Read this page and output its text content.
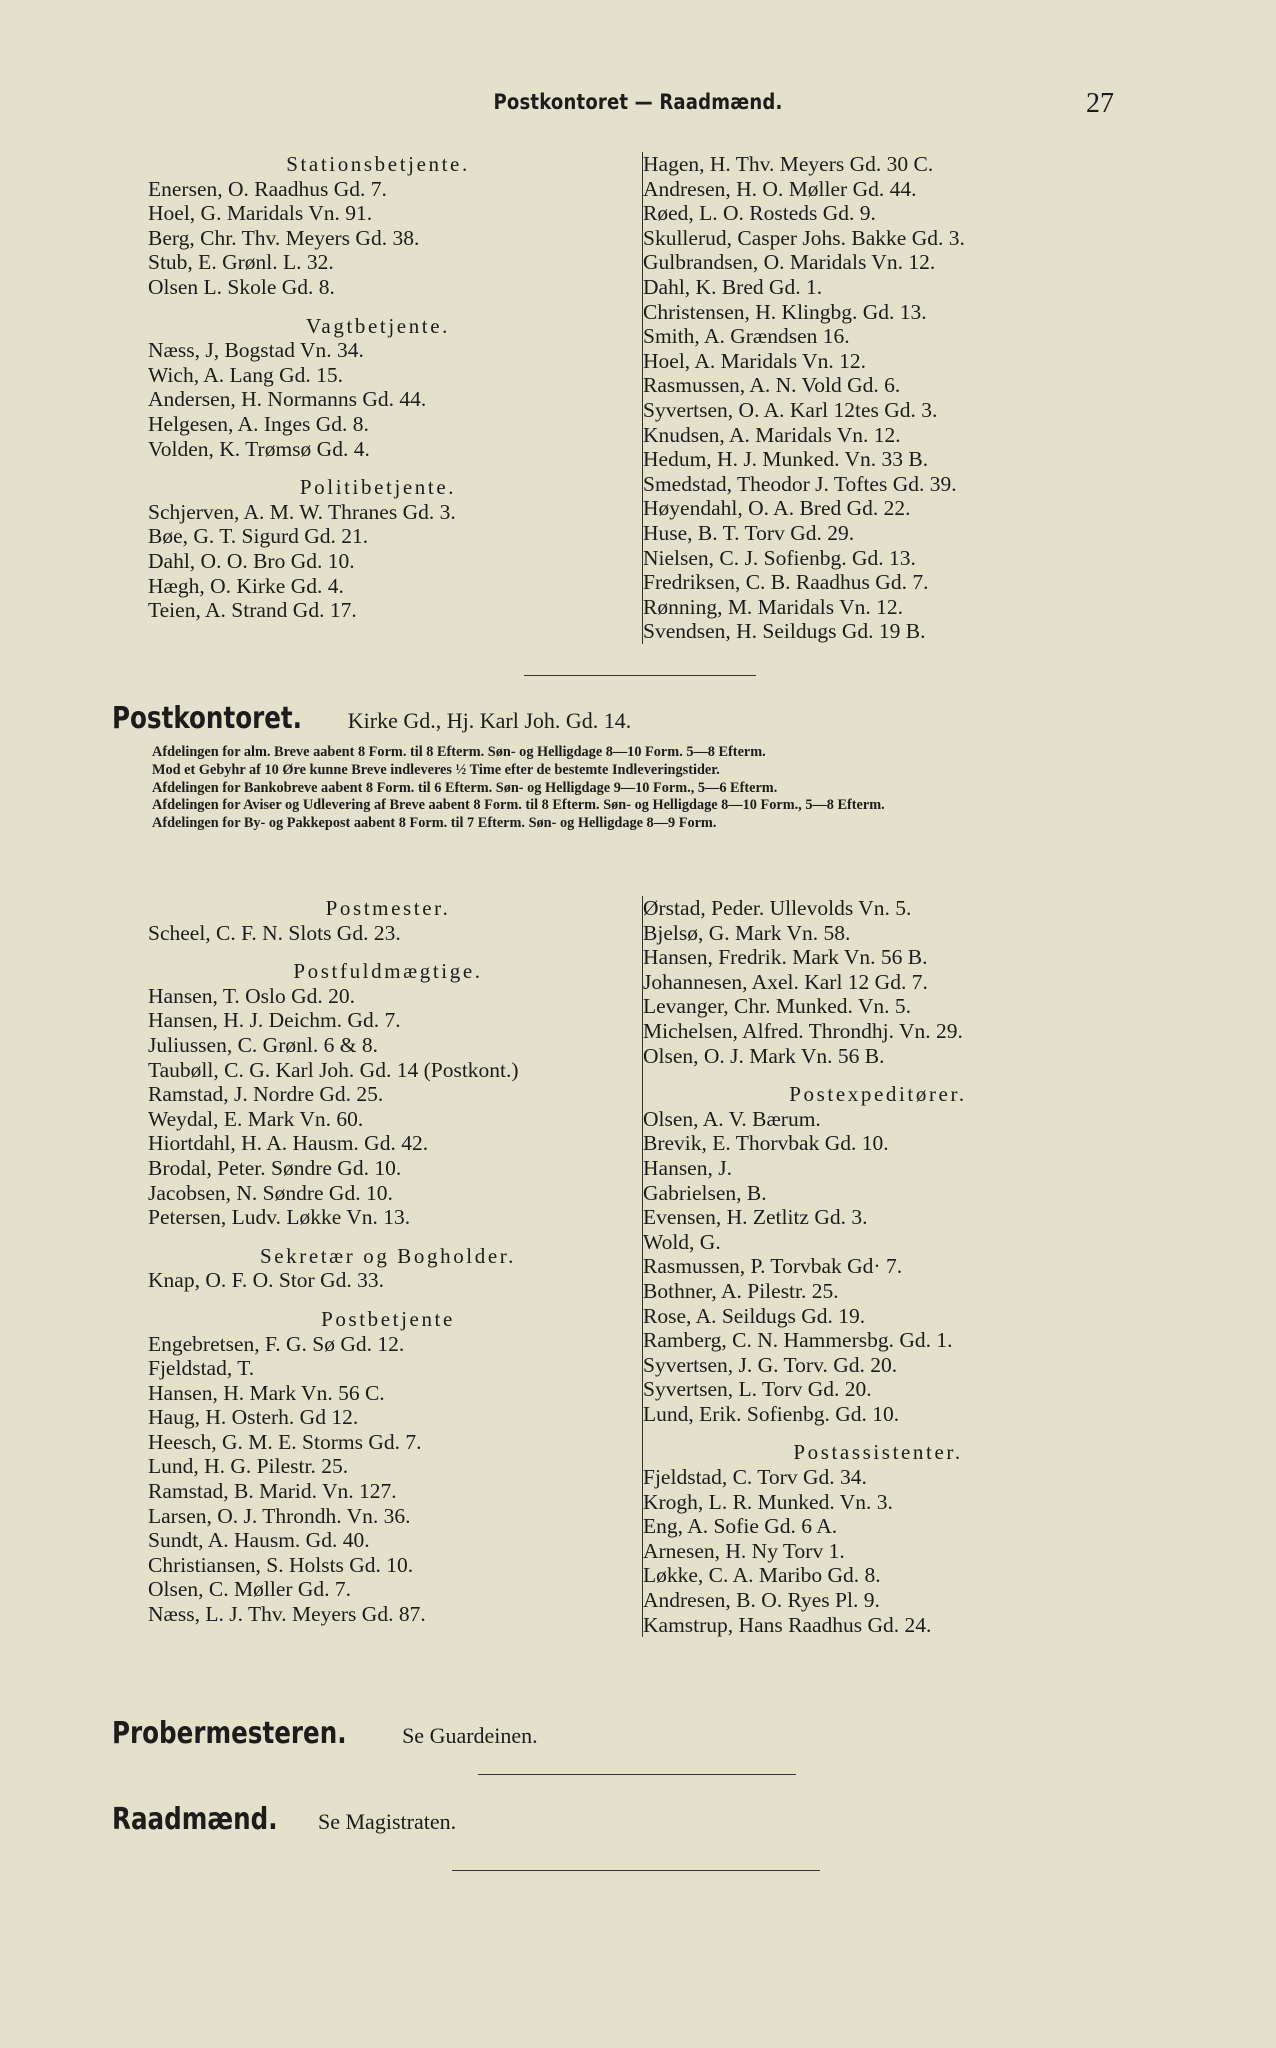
Postkontoret — Raadmænd.	27
Stationsbetjente.
Enersen, O. Raadhus Gd. 7.
Hoel, G. Maridals Vn. 91.
Berg, Chr. Thv. Meyers Gd. 38.
Stub, E. Grønl. L. 32.
Olsen L. Skole Gd. 8.
Vagtbetjente.
Næss, J, Bogstad Vn. 34.
Wich, A. Lang Gd. 15.
Andersen, H. Normanns Gd. 44.
Helgesen, A. Inges Gd. 8.
Volden, K. Trømsø Gd. 4.
Politibetjente.
Schjerven, A. M. W. Thranes Gd. 3.
Bøe, G. T. Sigurd Gd. 21.
Dahl, O. O. Bro Gd. 10.
Hægh, O. Kirke Gd. 4.
Teien, A. Strand Gd. 17.
Hagen, H. Thv. Meyers Gd. 30 C.
Andresen, H. O. Møller Gd. 44.
Røed, L. O. Rosteds Gd. 9.
Skullerud, Casper Johs. Bakke Gd. 3.
Gulbrandsen, O. Maridals Vn. 12.
Dahl, K. Bred Gd. 1.
Christensen, H. Klingbg. Gd. 13.
Smith, A. Grændsen 16.
Hoel, A. Maridals Vn. 12.
Rasmussen, A. N. Vold Gd. 6.
Syvertsen, O. A. Karl 12tes Gd. 3.
Knudsen, A. Maridals Vn. 12.
Hedum, H. J. Munked. Vn. 33 B.
Smedstad, Theodor J. Toftes Gd. 39.
Høyendahl, O. A. Bred Gd. 22.
Huse, B. T. Torv Gd. 29.
Nielsen, C. J. Sofienbg. Gd. 13.
Fredriksen, C. B. Raadhus Gd. 7.
Rønning, M. Maridals Vn. 12.
Svendsen, H. Seildugs Gd. 19 B.
Postkontoret. Kirke Gd., Hj. Karl Joh. Gd. 14.
Afdelingen for alm. Breve aabent 8 Form. til 8 Efterm. Søn- og Helligdage 8—10 Form. 5—8 Efterm.
Mod et Gebyhr af 10 Øre kunne Breve indleveres ½ Time efter de bestemte Indleveringstider.
Afdelingen for Bankobreve aabent 8 Form. til 6 Efterm. Søn- og Helligdage 9—10 Form., 5—6 Efterm.
Afdelingen for Aviser og Udlevering af Breve aabent 8 Form. til 8 Efterm. Søn- og Helligdage 8—10 Form., 5—8 Efterm.
Afdelingen for By- og Pakkepost aabent 8 Form. til 7 Efterm. Søn- og Helligdage 8—9 Form.
Postmester.
Scheel, C. F. N. Slots Gd. 23.
Postfuldmægtige.
Hansen, T. Oslo Gd. 20.
Hansen, H. J. Deichm. Gd. 7.
Juliussen, C. Grønl. 6 & 8.
Taubøll, C. G. Karl Joh. Gd. 14 (Postkont.)
Ramstad, J. Nordre Gd. 25.
Weydal, E. Mark Vn. 60.
Hiortdahl, H. A. Hausm. Gd. 42.
Brodal, Peter. Søndre Gd. 10.
Jacobsen, N. Søndre Gd. 10.
Petersen, Ludv. Løkke Vn. 13.
Sekretær og Bogholder.
Knap, O. F. O. Stor Gd. 33.
Postbetjente
Engebretsen, F. G. Sø Gd. 12.
Fjeldstad, T.
Hansen, H. Mark Vn. 56 C.
Haug, H. Osterh. Gd 12.
Heesch, G. M. E. Storms Gd. 7.
Lund, H. G. Pilestr. 25.
Ramstad, B. Marid. Vn. 127.
Larsen, O. J. Throndh. Vn. 36.
Sundt, A. Hausm. Gd. 40.
Christiansen, S. Holsts Gd. 10.
Olsen, C. Møller Gd. 7.
Næss, L. J. Thv. Meyers Gd. 87.
Ørstad, Peder. Ullevolds Vn. 5.
Bjelsø, G. Mark Vn. 58.
Hansen, Fredrik. Mark Vn. 56 B.
Johannesen, Axel. Karl 12 Gd. 7.
Levanger, Chr. Munked. Vn. 5.
Michelsen, Alfred. Throndhj. Vn. 29.
Olsen, O. J. Mark Vn. 56 B.
Postexpeditører.
Olsen, A. V. Bærum.
Brevik, E. Thorvbak Gd. 10.
Hansen, J.
Gabrielsen, B.
Evensen, H. Zetlitz Gd. 3.
Wold, G.
Rasmussen, P. Torvbak Gd· 7.
Bothner, A. Pilestr. 25.
Rose, A. Seildugs Gd. 19.
Ramberg, C. N. Hammersbg. Gd. 1.
Syvertsen, J. G. Torv. Gd. 20.
Syvertsen, L. Torv Gd. 20.
Lund, Erik. Sofienbg. Gd. 10.
Postassistenter.
Fjeldstad, C. Torv Gd. 34.
Krogh, L. R. Munked. Vn. 3.
Eng, A. Sofie Gd. 6 A.
Arnesen, H. Ny Torv 1.
Løkke, C. A. Maribo Gd. 8.
Andresen, B. O. Ryes Pl. 9.
Kamstrup, Hans Raadhus Gd. 24.
Probermesteren.	Se Guardeinen.
Raadmænd. Se Magistraten.
